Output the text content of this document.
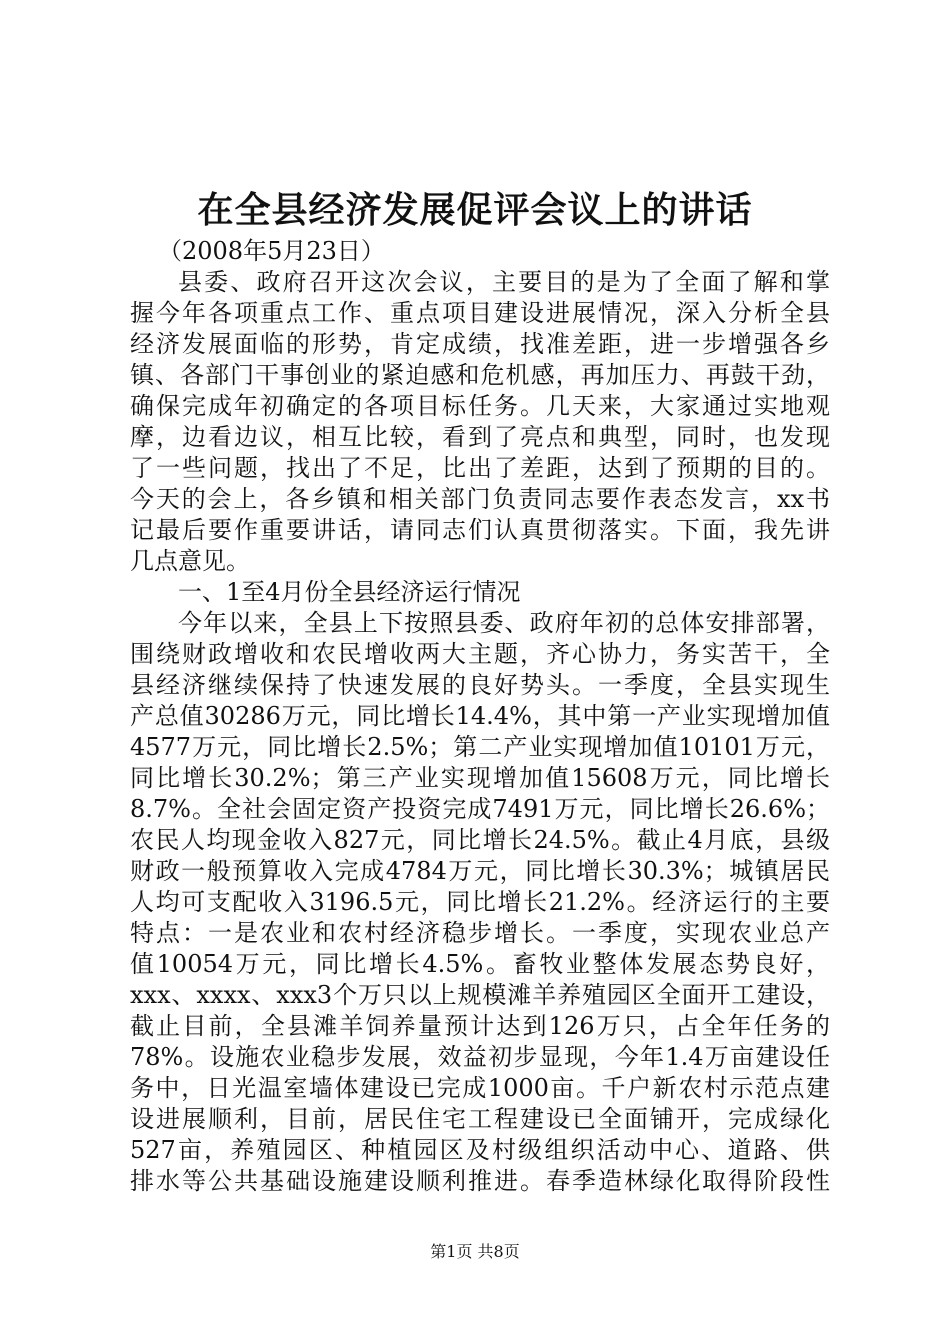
在全县经济发展促评会议上的讲话
（2008年5月23日）
县委、政府召开这次会议，主要目的是为了全面了解和掌
握今年各项重点工作、重点项目建设进展情况，深入分析全县
经济发展面临的形势，肯定成绩，找准差距，进一步增强各乡
镇、各部门干事创业的紧迫感和危机感，再加压力、再鼓干劲，
确保完成年初确定的各项目标任务。几天来，大家通过实地观
摩，边看边议，相互比较，看到了亮点和典型，同时，也发现
了一些问题，找出了不足，比出了差距，达到了预期的目的。
今天的会上，各乡镇和相关部门负责同志要作表态发言，xx书
记最后要作重要讲话，请同志们认真贯彻落实。下面，我先讲
几点意见。
一、1至4月份全县经济运行情况
今年以来，全县上下按照县委、政府年初的总体安排部署，
围绕财政增收和农民增收两大主题，齐心协力，务实苦干，全
县经济继续保持了快速发展的良好势头。一季度，全县实现生
产总值30286万元，同比增长14.4%，其中第一产业实现增加值
4577万元，同比增长2.5%；第二产业实现增加值10101万元，
同比增长30.2%；第三产业实现增加值15608万元，同比增长
8.7%。全社会固定资产投资完成7491万元，同比增长26.6%；
农民人均现金收入827元，同比增长24.5%。截止4月底，县级
财政一般预算收入完成4784万元，同比增长30.3%；城镇居民
人均可支配收入3196.5元，同比增长21.2%。经济运行的主要
特点：一是农业和农村经济稳步增长。一季度，实现农业总产
值10054万元，同比增长4.5%。畜牧业整体发展态势良好，
xxx、xxxx、xxx3个万只以上规模滩羊养殖园区全面开工建设，
截止目前，全县滩羊饲养量预计达到126万只，占全年任务的
78%。设施农业稳步发展，效益初步显现，今年1.4万亩建设任
务中，日光温室墙体建设已完成1000亩。千户新农村示范点建
设进展顺利，目前，居民住宅工程建设已全面铺开，完成绿化
527亩，养殖园区、种植园区及村级组织活动中心、道路、供
排水等公共基础设施建设顺利推进。春季造林绿化取得阶段性
第1页 共8页
